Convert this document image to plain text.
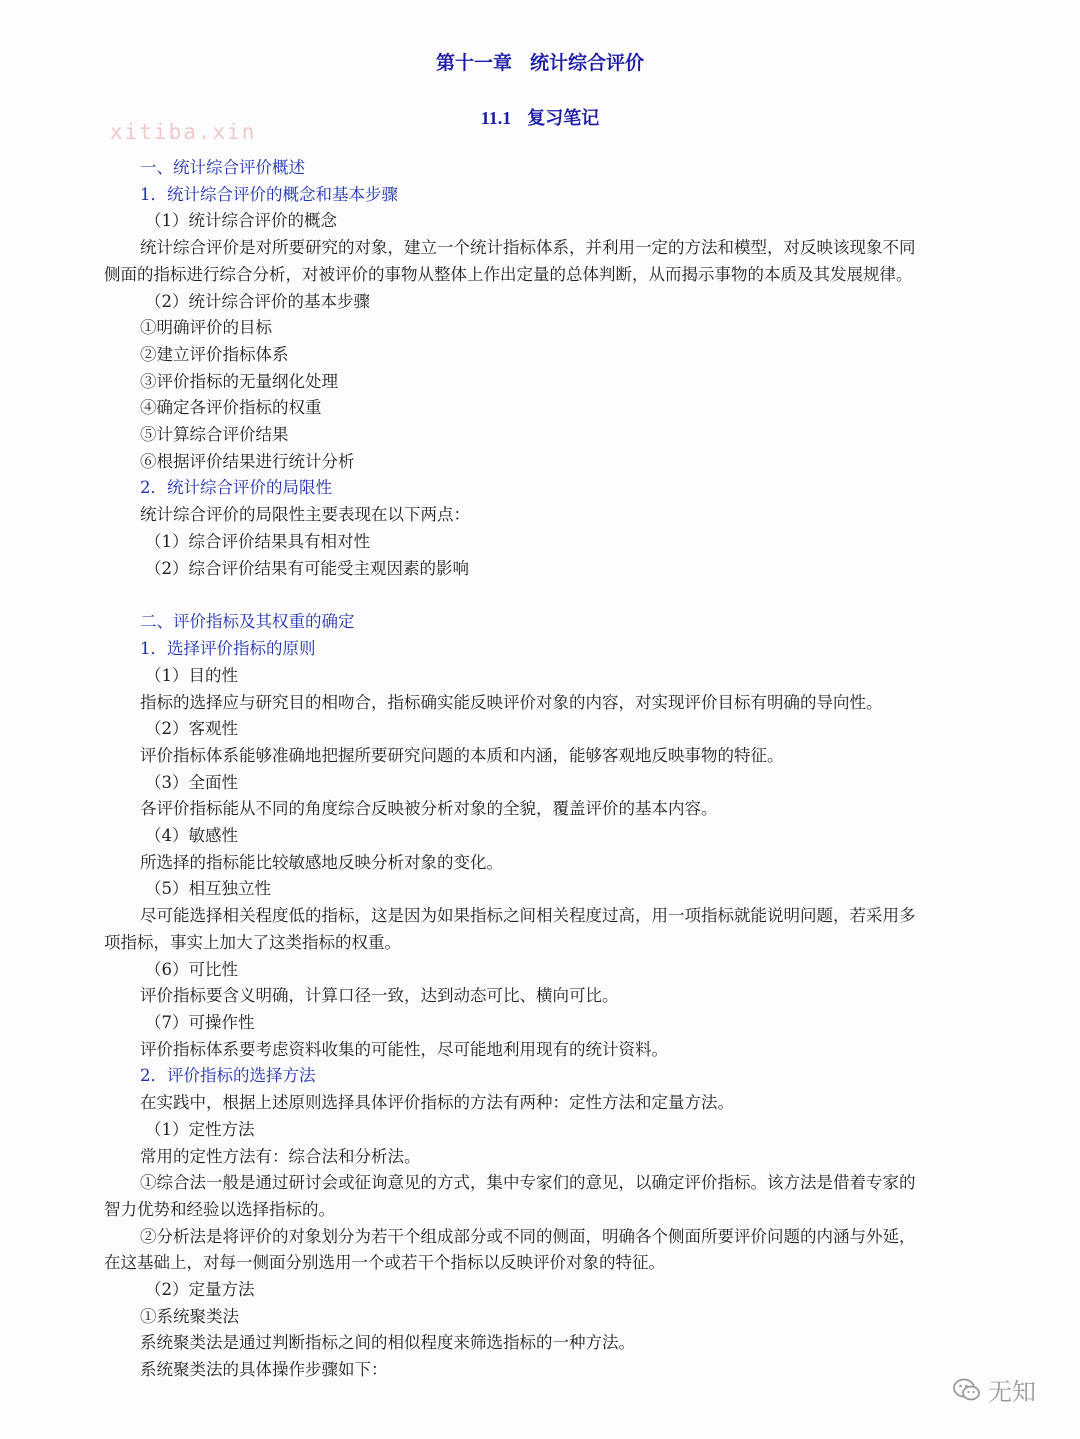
第十一章 统计综合评价
11.1 复习笔记
xitiba.xin
一、统计综合评价概述
1．统计综合评价的概念和基本步骤
（1）统计综合评价的概念
统计综合评价是对所要研究的对象，建立一个统计指标体系，并利用一定的方法和模型，对反映该现象不同
侧面的指标进行综合分析，对被评价的事物从整体上作出定量的总体判断，从而揭示事物的本质及其发展规律。
（2）统计综合评价的基本步骤
①明确评价的目标
②建立评价指标体系
③评价指标的无量纲化处理
④确定各评价指标的权重
⑤计算综合评价结果
⑥根据评价结果进行统计分析
2．统计综合评价的局限性
统计综合评价的局限性主要表现在以下两点：
（1）综合评价结果具有相对性
（2）综合评价结果有可能受主观因素的影响
二、评价指标及其权重的确定
1．选择评价指标的原则
（1）目的性
指标的选择应与研究目的相吻合，指标确实能反映评价对象的内容，对实现评价目标有明确的导向性。
（2）客观性
评价指标体系能够准确地把握所要研究问题的本质和内涵，能够客观地反映事物的特征。
（3）全面性
各评价指标能从不同的角度综合反映被分析对象的全貌，覆盖评价的基本内容。
（4）敏感性
所选择的指标能比较敏感地反映分析对象的变化。
（5）相互独立性
尽可能选择相关程度低的指标，这是因为如果指标之间相关程度过高，用一项指标就能说明问题，若采用多
项指标，事实上加大了这类指标的权重。
（6）可比性
评价指标要含义明确，计算口径一致，达到动态可比、横向可比。
（7）可操作性
评价指标体系要考虑资料收集的可能性，尽可能地利用现有的统计资料。
2．评价指标的选择方法
在实践中，根据上述原则选择具体评价指标的方法有两种：定性方法和定量方法。
（1）定性方法
常用的定性方法有：综合法和分析法。
①综合法一般是通过研讨会或征询意见的方式，集中专家们的意见，以确定评价指标。该方法是借着专家的
智力优势和经验以选择指标的。
②分析法是将评价的对象划分为若干个组成部分或不同的侧面，明确各个侧面所要评价问题的内涵与外延，
在这基础上，对每一侧面分别选用一个或若干个指标以反映评价对象的特征。
（2）定量方法
①系统聚类法
系统聚类法是通过判断指标之间的相似程度来筛选指标的一种方法。
系统聚类法的具体操作步骤如下：
无知
